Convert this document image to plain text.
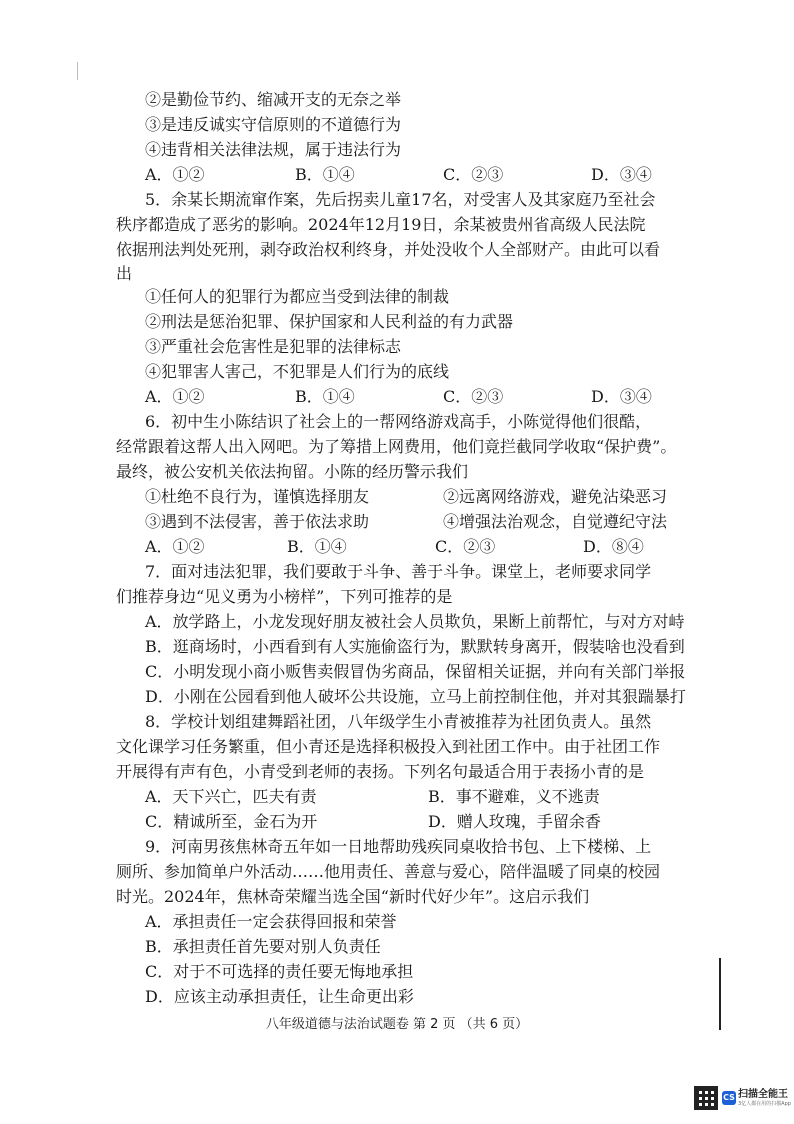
②是勤俭节约、缩减开支的无奈之举
③是违反诚实守信原则的不道德行为
④违背相关法律法规，属于违法行为
A．①②	B．①④	C．②③	D．③④
5．余某长期流窜作案，先后拐卖儿童17名，对受害人及其家庭乃至社会
秩序都造成了恶劣的影响。2024年12月19日，余某被贵州省高级人民法院
依据刑法判处死刑，剥夺政治权利终身，并处没收个人全部财产。由此可以看
出
①任何人的犯罪行为都应当受到法律的制裁
②刑法是惩治犯罪、保护国家和人民利益的有力武器
③严重社会危害性是犯罪的法律标志
④犯罪害人害己，不犯罪是人们行为的底线
A．①②	B．①④	C．②③	D．③④
6．初中生小陈结识了社会上的一帮网络游戏高手，小陈觉得他们很酷，
经常跟着这帮人出入网吧。为了筹措上网费用，他们竟拦截同学收取“保护费”。
最终，被公安机关依法拘留。小陈的经历警示我们
①杜绝不良行为，谨慎选择朋友	②远离网络游戏，避免沾染恶习
③遇到不法侵害，善于依法求助	④增强法治观念，自觉遵纪守法
A．①②	B．①④	C．②③	D．⑧④
7．面对违法犯罪，我们要敢于斗争、善于斗争。课堂上，老师要求同学
们推荐身边“见义勇为小榜样”，下列可推荐的是
A．放学路上，小龙发现好朋友被社会人员欺负，果断上前帮忙，与对方对峙
B．逛商场时，小西看到有人实施偷盗行为，默默转身离开，假装啥也没看到
C．小明发现小商小贩售卖假冒伪劣商品，保留相关证据，并向有关部门举报
D．小刚在公园看到他人破坏公共设施，立马上前控制住他，并对其狠踹暴打
8．学校计划组建舞蹈社团，八年级学生小青被推荐为社团负责人。虽然
文化课学习任务繁重，但小青还是选择积极投入到社团工作中。由于社团工作
开展得有声有色，小青受到老师的表扬。下列名句最适合用于表扬小青的是
A．天下兴亡，匹夫有责	B．事不避难，义不逃责
C．精诚所至，金石为开	D．赠人玫瑰，手留余香
9．河南男孩焦林奇五年如一日地帮助残疾同桌收拾书包、上下楼梯、上
厕所、参加简单户外活动……他用责任、善意与爱心，陪伴温暖了同桌的校园
时光。2024年，焦林奇荣耀当选全国“新时代好少年”。这启示我们
A．承担责任一定会获得回报和荣誉
B．承担责任首先要对别人负责任
C．对于不可选择的责任要无悔地承担
D．应该主动承担责任，让生命更出彩
八年级道德与法治试题卷 第 2 页 （共 6 页）
CS 扫描全能王
3亿人都在用的扫描App
